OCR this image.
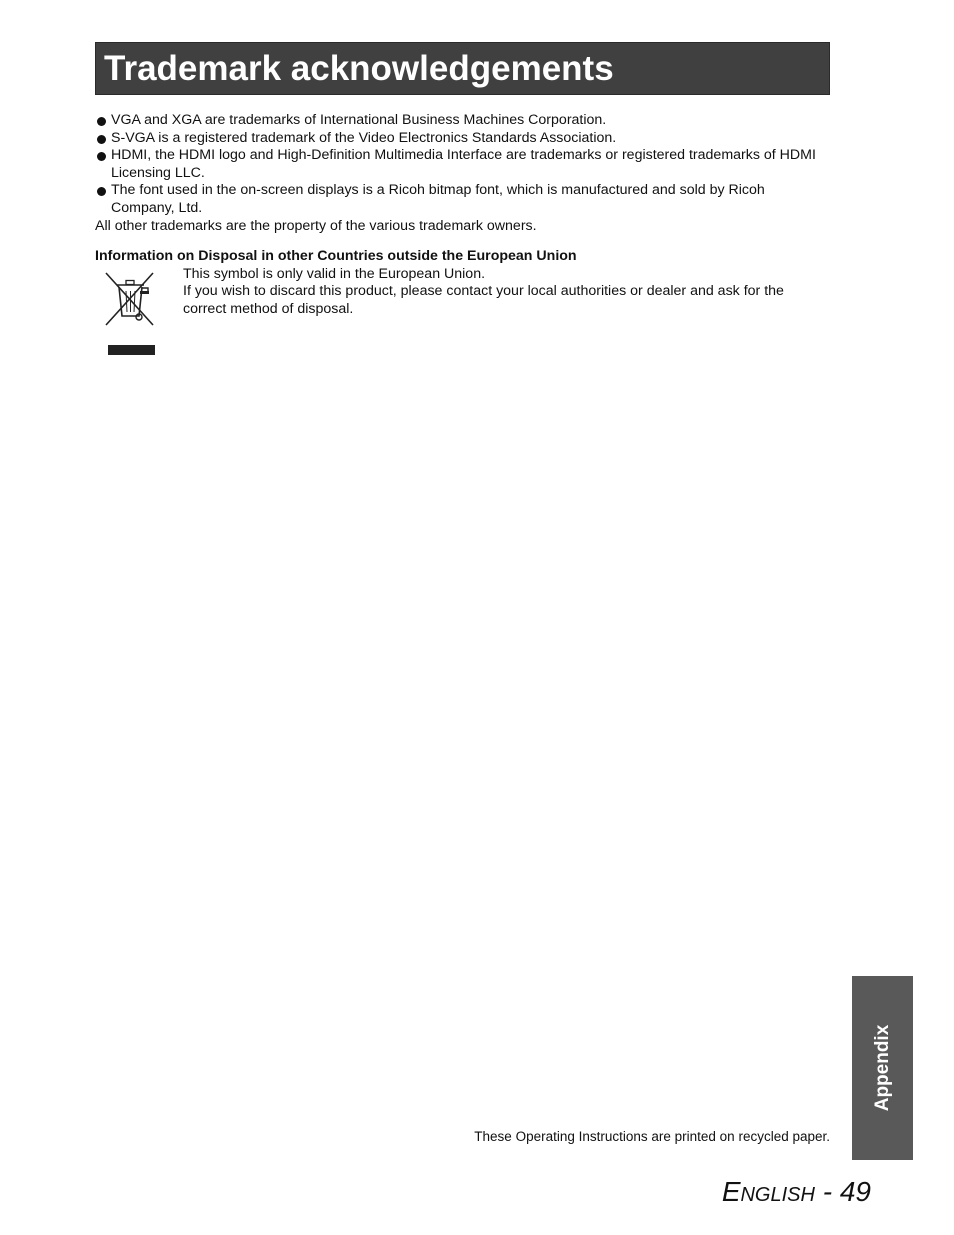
Trademark acknowledgements
VGA and XGA are trademarks of International Business Machines Corporation.
S-VGA is a registered trademark of the Video Electronics Standards Association.
HDMI, the HDMI logo and High-Definition Multimedia Interface are trademarks or registered trademarks of HDMI Licensing LLC.
The font used in the on-screen displays is a Ricoh bitmap font, which is manufactured and sold by Ricoh Company, Ltd.

All other trademarks are the property of the various trademark owners.

Information on Disposal in other Countries outside the European Union

This symbol is only valid in the European Union.

If you wish to discard this product, please contact your local authorities or dealer and ask for the correct method of disposal.

These Operating Instructions are printed on recycled paper.
Appendix
English - 49
